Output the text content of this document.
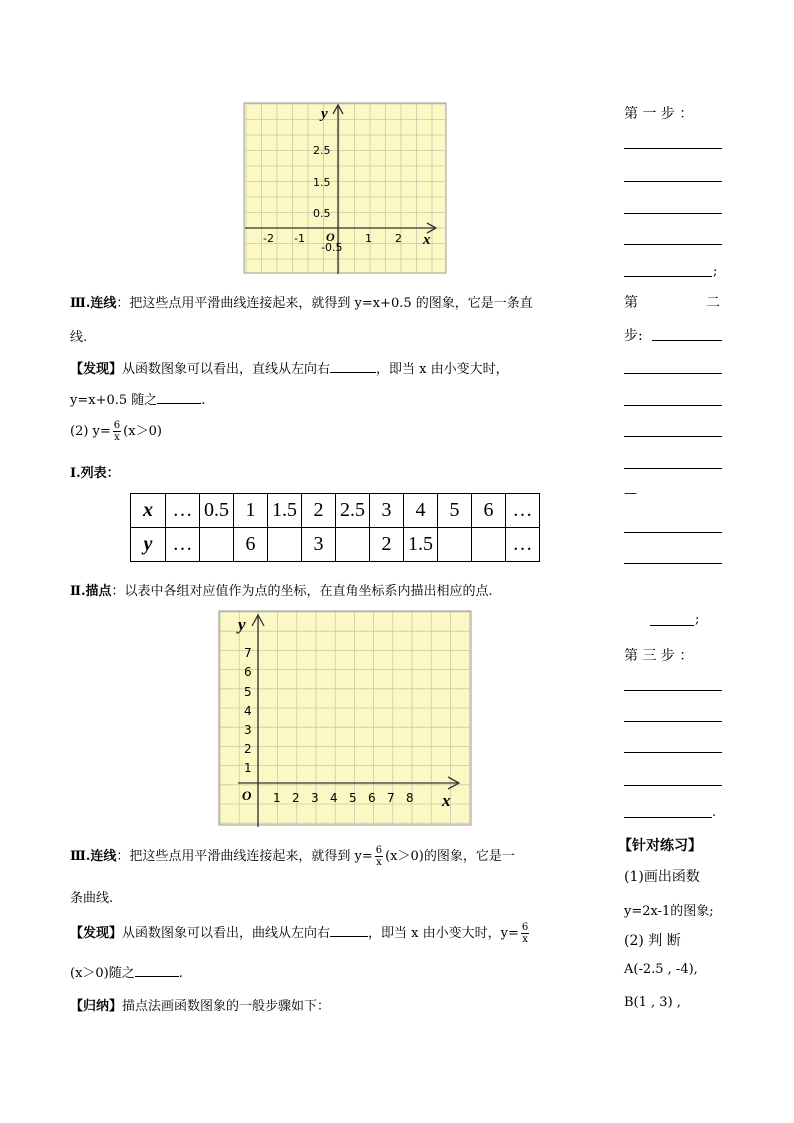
y
x
O
2.5
1.5
0.5
-0.5
-2 -1	1 2
Ⅲ.连线：把这些点用平滑曲线连接起来，就得到 y=x+0.5 的图象，它是一条直
线.
【发现】从函数图象可以看出，直线从左向右	，即当 x 由小变大时，
y=x+0.5 随之	.
(2) $y= \frac{6}{x} (x>0)$
Ⅰ.列表：
x	…	0.5	1	1.5	2	2.5	3	4	5	6	…
y	…		6		3		2	1.5			…
Ⅱ.描点：以表中各组对应值作为点的坐标，在直角坐标系内描出相应的点.
y
x
O
1
2
3
4
5
6
7
1 2 3 4 5 6 7 8
Ⅲ.连线：把这些点用平滑曲线连接起来，就得到 $y= \frac{6}{x} (x>0)$的图象，它是一
条曲线.
【发现】从函数图象可以看出，曲线从左向右	，即当 x 由小变大时，$y= \frac{6}{x}$
(x＞0)随之	.
【归纳】描点法画函数图象的一般步骤如下：
第 一 步 ：
;
第	二
步:
—
;
第 三 步 ：
.
【针对练习】
(1)画出函数
y=2x-1的图象;
(2) 判 断
A(-2.5 , -4),
B(1 , 3) ,
